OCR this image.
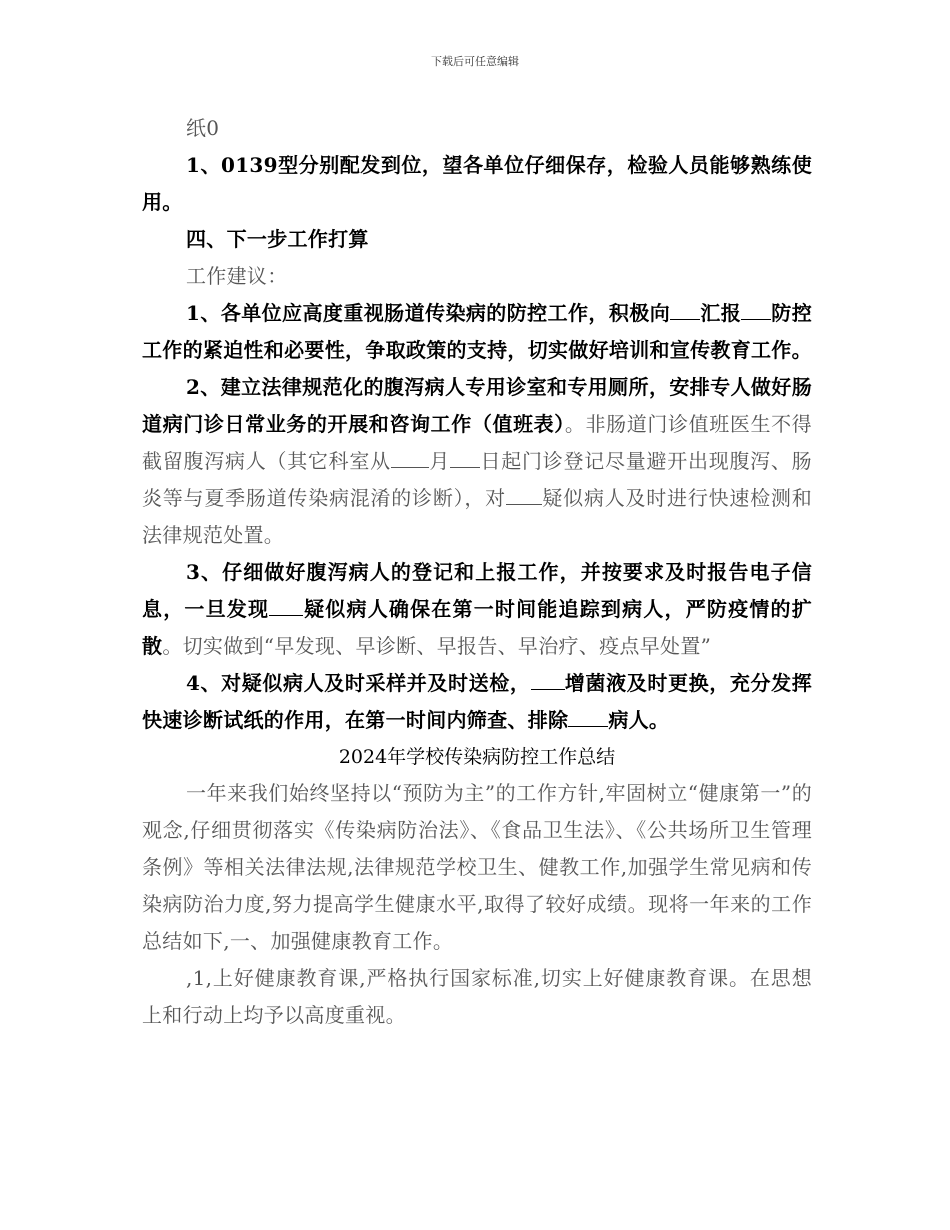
下载后可任意编辑

纸0

1、0139型分别配发到位，望各单位仔细保存，检验人员能够熟练使用。

四、下一步工作打算

工作建议：

1、各单位应高度重视肠道传染病的防控工作，积极向 汇报 防控工作的紧迫性和必要性，争取政策的支持，切实做好培训和宣传教育工作。

2、建立法律规范化的腹泻病人专用诊室和专用厕所，安排专人做好肠道病门诊日常业务的开展和咨询工作（值班表）。非肠道门诊值班医生不得截留腹泻病人（其它科室从 月 日起门诊登记尽量避开出现腹泻、肠炎等与夏季肠道传染病混淆的诊断），对 疑似病人及时进行快速检测和法律规范处置。

3、仔细做好腹泻病人的登记和上报工作，并按要求及时报告电子信息，一旦发现 疑似病人确保在第一时间能追踪到病人，严防疫情的扩散。切实做到“早发现、早诊断、早报告、早治疗、疫点早处置”

4、对疑似病人及时采样并及时送检， 增菌液及时更换，充分发挥快速诊断试纸的作用，在第一时间内筛查、排除 病人。

2024年学校传染病防控工作总结

一年来我们始终坚持以“预防为主”的工作方针,牢固树立“健康第一”的观念,仔细贯彻落实《传染病防治法》、《食品卫生法》、《公共场所卫生管理条例》等相关法律法规,法律规范学校卫生、健教工作,加强学生常见病和传染病防治力度,努力提高学生健康水平,取得了较好成绩。现将一年来的工作总结如下,一、加强健康教育工作。

,1,上好健康教育课,严格执行国家标准,切实上好健康教育课。在思想上和行动上均予以高度重视。
